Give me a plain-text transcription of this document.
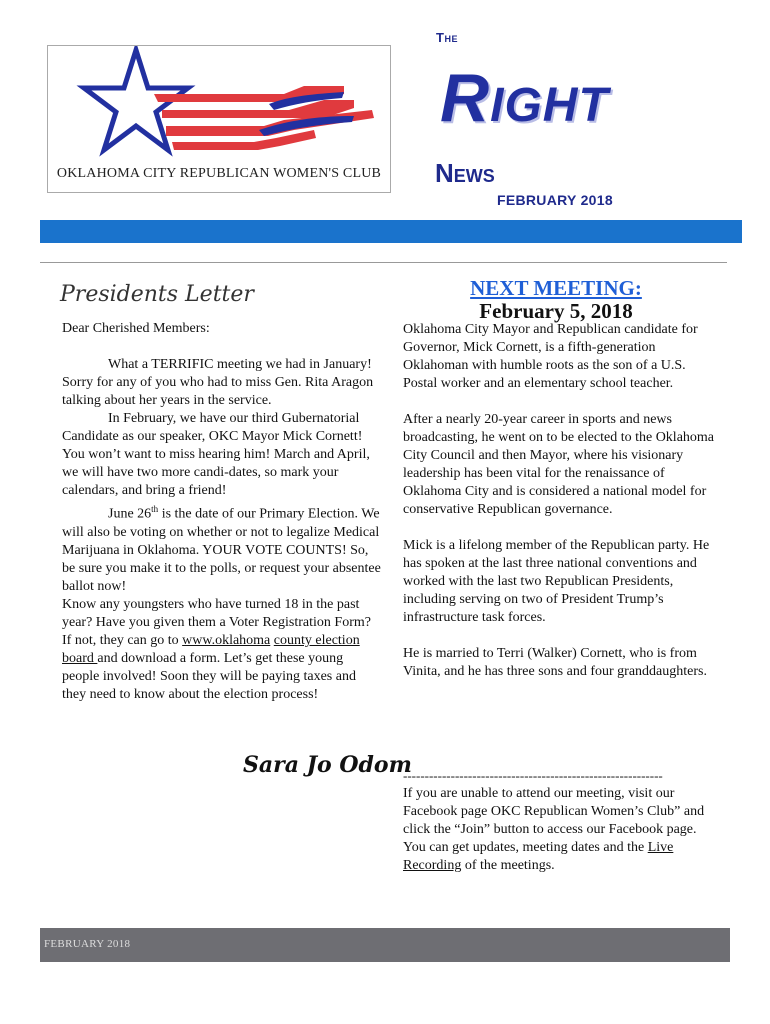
OKLAHOMA CITY REPUBLICAN WOMEN'S CLUB
The
Right
News
FEBRUARY 2018
Presidents Letter

Dear Cherished Members:

What a TERRIFIC meeting we had in January! Sorry for any of you who had to miss Gen. Rita Aragon talking about her years in the service.

In February, we have our third Gubernatorial Candidate as our speaker, OKC Mayor Mick Cornett! You won’t want to miss hearing him! March and April, we will have two more candi-dates, so mark your calendars, and bring a friend!

June 26th is the date of our Primary Election. We will also be voting on whether or not to legalize Medical Marijuana in Oklahoma. YOUR VOTE COUNTS! So, be sure you make it to the polls, or request your absentee ballot now!

Know any youngsters who have turned 18 in the past year? Have you given them a Voter Registration Form? If not, they can go to www.oklahoma county election board and download a form. Let’s get these young people involved! Soon they will be paying taxes and they need to know about the election process!

Sara Jo Odom
NEXT MEETING:
February 5, 2018

Oklahoma City Mayor and Republican candidate for Governor, Mick Cornett, is a fifth-generation Oklahoman with humble roots as the son of a U.S. Postal worker and an elementary school teacher.

After a nearly 20-year career in sports and news broadcasting, he went on to be elected to the Oklahoma City Council and then Mayor, where his visionary leadership has been vital for the renaissance of Oklahoma City and is considered a national model for conservative Republican governance.

Mick is a lifelong member of the Republican party. He has spoken at the last three national conventions and worked with the last two Republican Presidents, including serving on two of President Trump’s infrastructure task forces.

He is married to Terri (Walker) Cornett, who is from Vinita, and he has three sons and four granddaughters.

------------------------------------------------------------
If you are unable to attend our meeting, visit our Facebook page OKC Republican Women’s Club” and click the “Join” button to access our Facebook page. You can get updates, meeting dates and the Live Recording of the meetings.
FEBRUARY 2018
